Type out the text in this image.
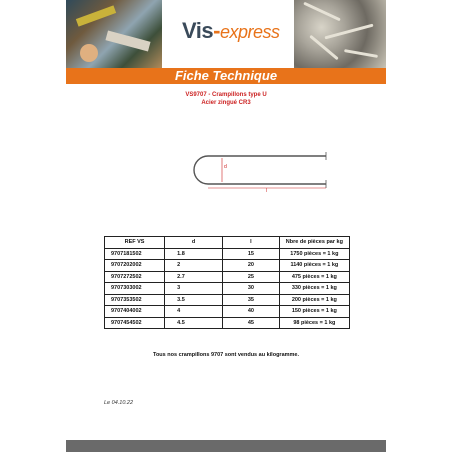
Vis-express
Fiche Technique
VS9707 - Crampillons type U
Acier zingué CR3
d
l
REF VS	d	l	Nbre de pièces par kg
9707181502	1.8	15	1750 pièces = 1 kg
9707202002	2	20	1140 pièces = 1 kg
9707272502	2.7	25	475 pièces = 1 kg
9707303002	3	30	330 pièces = 1 kg
9707353502	3.5	35	200 pièces = 1 kg
9707404002	4	40	150 pièces = 1 kg
9707454502	4.5	45	98 pièces = 1 kg
Tous nos crampillons 9707 sont vendus au kilogramme.
Le 04.10.22
